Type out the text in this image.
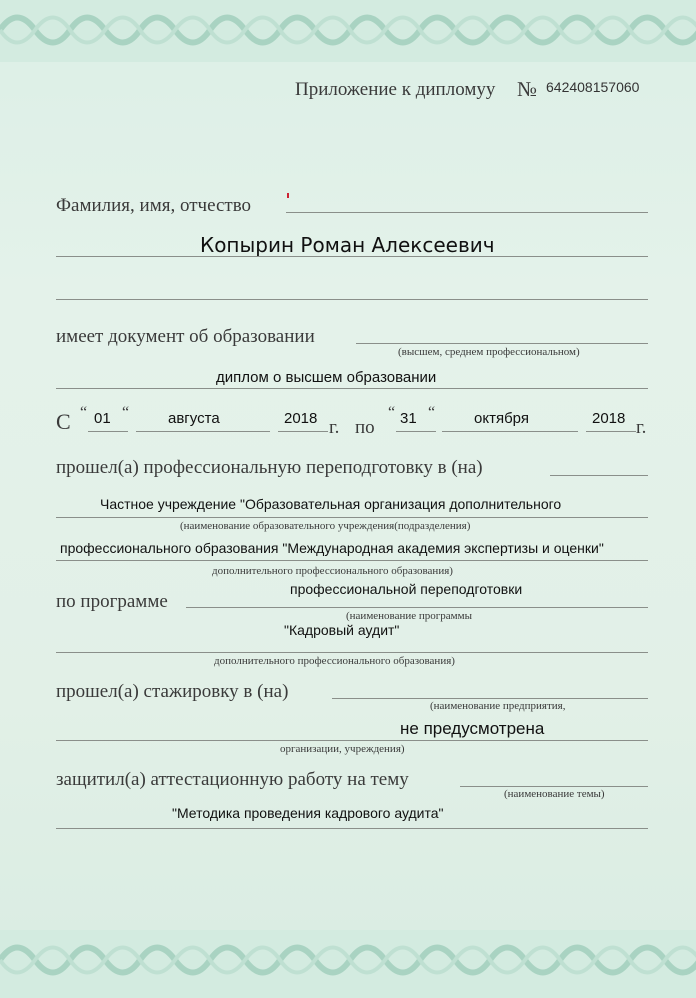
Приложение к дипломуу № 642408157060
Фамилия, имя, отчество
Копырин Роман Алексеевич
имеет документ об образовании
(высшем, среднем профессиональном)
диплом о высшем образовании
С “ 01 “	августа	2018 г. по
“ 31 “	октября	2018 г.
прошел(а) профессиональную переподготовку в (на)
Частное учреждение "Образовательная организация дополнительного
(наименование образовательного учреждения(подразделения)
профессионального образования "Международная академия экспертизы и оценки"
дополнительного профессионального образования)
по программе
профессиональной переподготовки
(наименование программы
"Кадровый аудит"
дополнительного профессионального образования)
прошел(а) стажировку в (на)
(наименование предприятия,
не предусмотрена
организации, учреждения)
защитил(а) аттестационную работу на тему
(наименование темы)
"Методика проведения кадрового аудита"
